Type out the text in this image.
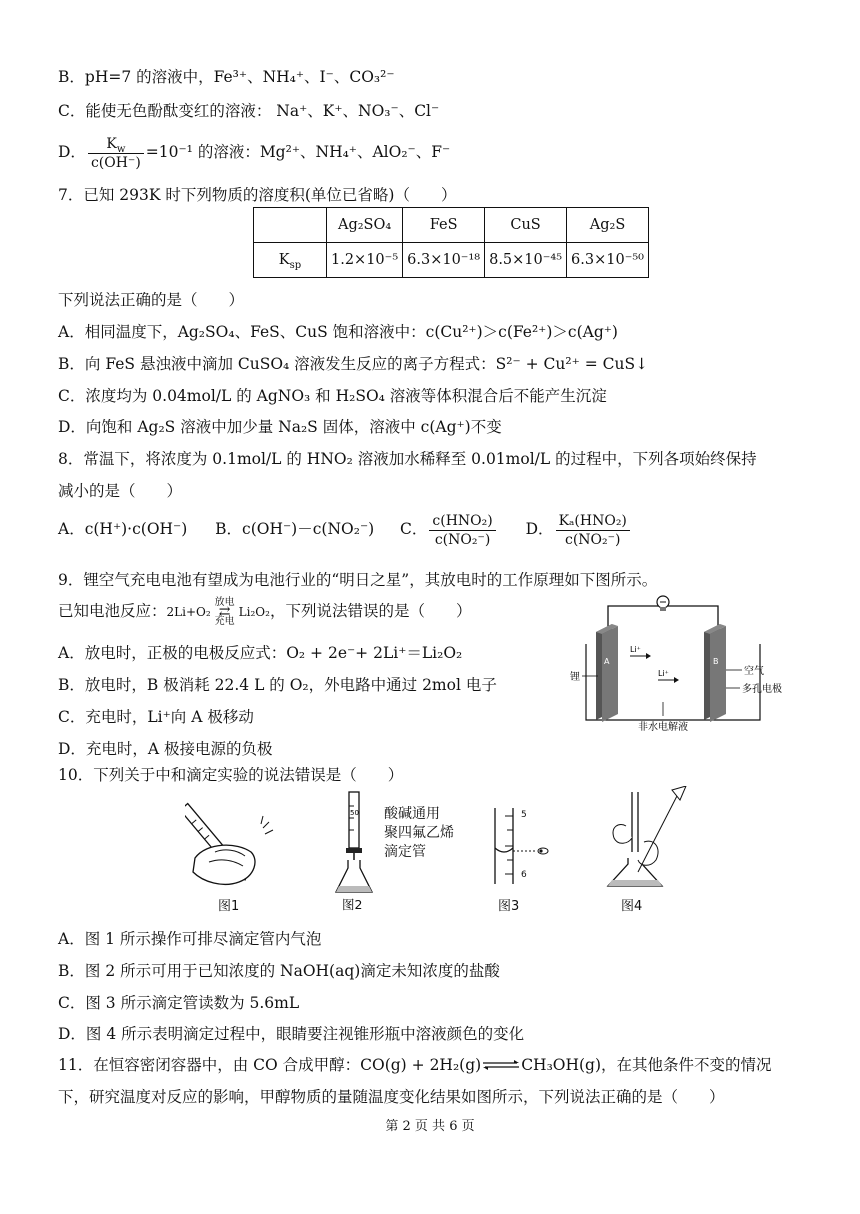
B．pH=7 的溶液中，Fe³⁺、NH₄⁺、I⁻、CO₃²⁻
C．能使无色酚酞变红的溶液： Na⁺、K⁺、NO₃⁻、Cl⁻
D． $\frac{K_w}{c(OH^-)} =10^{-1}$ 的溶液：Mg²⁺、NH₄⁺、AlO₂⁻、F⁻
7．已知 293K 时下列物质的溶度积(单位已省略)（　　）
	Ag₂SO₄	FeS	CuS	Ag₂S
$K_{sp}$	1.2×10⁻⁵	6.3×10⁻¹⁸	8.5×10⁻⁴⁵	6.3×10⁻⁵⁰
下列说法正确的是（　　）
A．相同温度下，Ag₂SO₄、FeS、CuS 饱和溶液中：c(Cu²⁺)＞c(Fe²⁺)＞c(Ag⁺)
B．向 FeS 悬浊液中滴加 CuSO₄ 溶液发生反应的离子方程式：S²⁻ + Cu²⁺ = CuS↓
C．浓度均为 0.04mol/L 的 AgNO₃ 和 H₂SO₄ 溶液等体积混合后不能产生沉淀
D．向饱和 Ag₂S 溶液中加少量 Na₂S 固体，溶液中 c(Ag⁺)不变
8．常温下，将浓度为 0.1mol/L 的 HNO₂ 溶液加水稀释至 0.01mol/L 的过程中，下列各项始终保持
减小的是（　　）
A．c(H⁺)·c(OH⁻) B．c(OH⁻)－c(NO₂⁻) C． $\frac{\text{c(HNO₂)}}{\text{c(NO₂⁻)}}$ D． $\frac{\text{Kₐ(HNO₂)}}{\text{c(NO₂⁻)}}$
9．锂空气充电电池有望成为电池行业的“明日之星”，其放电时的工作原理如下图所示。
已知电池反应：2Li+O₂放电
⇄
充电Li₂O₂，下列说法错误的是（　　）
A．放电时，正极的电极反应式：O₂ + 2e⁻+ 2Li⁺＝Li₂O₂
B．放电时，B 极消耗 22.4 L 的 O₂，外电路中通过 2mol 电子
C．充电时，Li⁺向 A 极移动
D．充电时，A 极接电源的负极
A	B
Li⁺
Li⁺
锂
空气
多孔电极
非水电解液
10．下列关于中和滴定实验的说法错误是（　　）
图1
50
图2
酸碱通用
聚四氟乙烯
滴定管
5
6
图3	图4
A．图 1 所示操作可排尽滴定管内气泡
B．图 2 所示可用于已知浓度的 NaOH(aq)滴定未知浓度的盐酸
C．图 3 所示滴定管读数为 5.6mL
D．图 4 所示表明滴定过程中，眼睛要注视锥形瓶中溶液颜色的变化
11．在恒容密闭容器中，由 CO 合成甲醇：CO(g) + 2H₂(g)⇌CH₃OH(g)，在其他条件不变的情况
下，研究温度对反应的影响，甲醇物质的量随温度变化结果如图所示，下列说法正确的是（　　）
第 2 页 共 6 页
